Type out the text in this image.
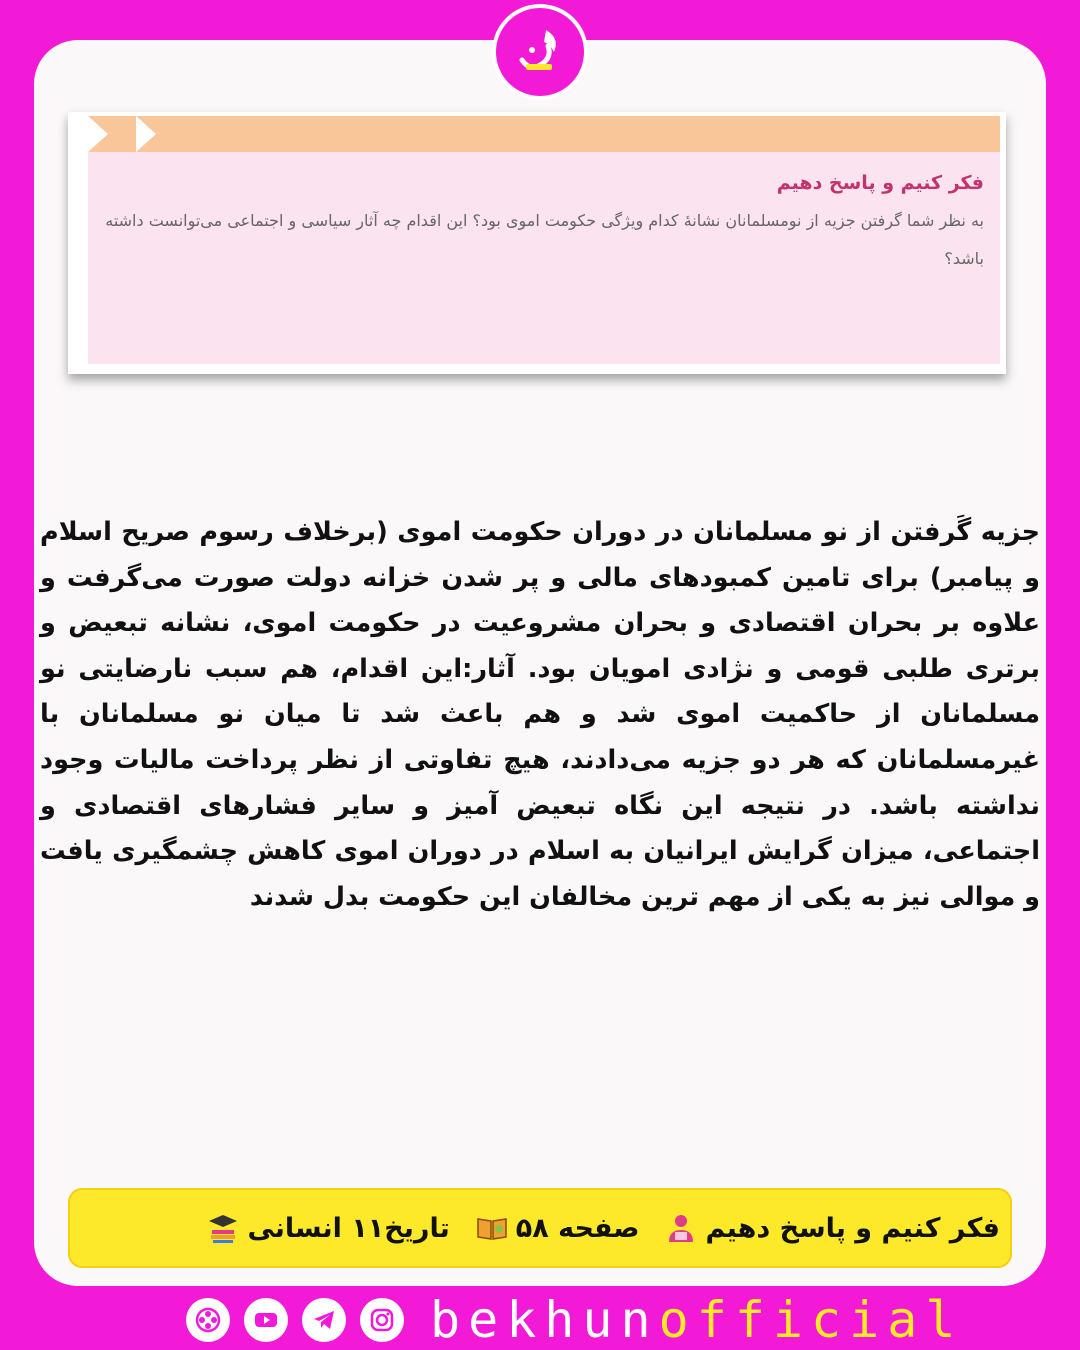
فکر کنیم و پاسخ دهیم
به نظر شما گرفتن جزیه از نومسلمانان نشانهٔ کدام ویژگی حکومت اموی بود؟ این اقدام چه آثار سیاسی و اجتماعی می‌توانست داشته باشد؟
جزیه گَرفتن از نو مسلمانان در دوران حکومت اموی (برخلاف رسوم صریح اسلام و پیامبر) برای تامین کمبودهای مالی و پر شدن خزانه دولت صورت می‌گرفت و علاوه بر بحران اقتصادی و بحران مشروعیت در حکومت اموی، نشانه تبعیض و برتری طلبی قومی و نژادی امویان بود. آثار:این اقدام، هم سبب نارضایتی نو مسلمانان از حاکمیت اموی شد و هم باعث شد تا میان نو مسلمانان با غیرمسلمانان که هر دو جزیه می‌دادند، هیچ تفاوتی از نظر پرداخت مالیات وجود نداشته باشد. در نتیجه این نگاه تبعیض آمیز و سایر فشارهای اقتصادی و اجتماعی، میزان گرایش ایرانیان به اسلام در دوران اموی کاهش چشمگیری یافت و موالی نیز به یکی از مهم ترین مخالفان این حکومت بدل شدند
فکر کنیم و پاسخ دهیم
صفحه ۵۸
تاریخ۱۱ انسانی
bekhunofficial
